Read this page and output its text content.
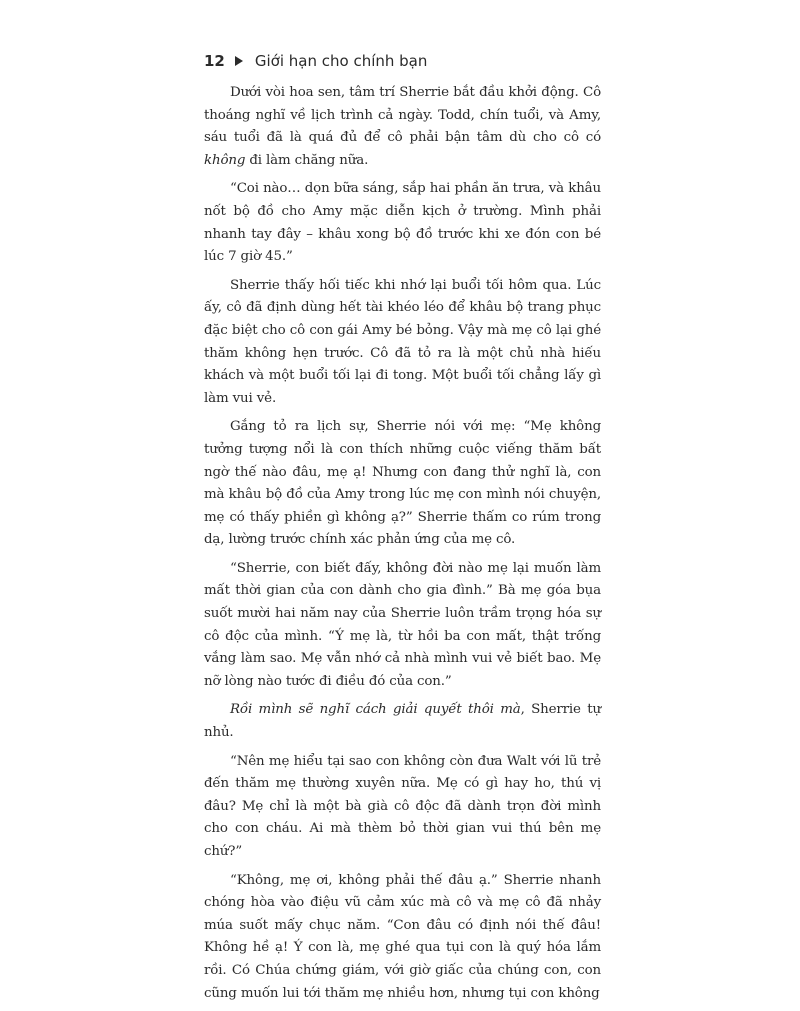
12 Giới hạn cho chính bạn

Dưới vòi hoa sen, tâm trí Sherrie bắt đầu khởi động. Cô thoáng nghĩ về lịch trình cả ngày. Todd, chín tuổi, và Amy, sáu tuổi đã là quá đủ để cô phải bận tâm dù cho cô có không đi làm chăng nữa.

“Coi nào… dọn bữa sáng, sắp hai phần ăn trưa, và khâu nốt bộ đồ cho Amy mặc diễn kịch ở trường. Mình phải nhanh tay đây – khâu xong bộ đồ trước khi xe đón con bé lúc 7 giờ 45.”

Sherrie thấy hối tiếc khi nhớ lại buổi tối hôm qua. Lúc ấy, cô đã định dùng hết tài khéo léo để khâu bộ trang phục đặc biệt cho cô con gái Amy bé bỏng. Vậy mà mẹ cô lại ghé thăm không hẹn trước. Cô đã tỏ ra là một chủ nhà hiếu khách và một buổi tối lại đi tong. Một buổi tối chẳng lấy gì làm vui vẻ.

Gắng tỏ ra lịch sự, Sherrie nói với mẹ: “Mẹ không tưởng tượng nổi là con thích những cuộc viếng thăm bất ngờ thế nào đâu, mẹ ạ! Nhưng con đang thử nghĩ là, con mà khâu bộ đồ của Amy trong lúc mẹ con mình nói chuyện, mẹ có thấy phiền gì không ạ?” Sherrie thấm co rúm trong dạ, lường trước chính xác phản ứng của mẹ cô.

“Sherrie, con biết đấy, không đời nào mẹ lại muốn làm mất thời gian của con dành cho gia đình.” Bà mẹ góa bụa suốt mười hai năm nay của Sherrie luôn trầm trọng hóa sự cô độc của mình. “Ý mẹ là, từ hồi ba con mất, thật trống vắng làm sao. Mẹ vẫn nhớ cả nhà mình vui vẻ biết bao. Mẹ nỡ lòng nào tước đi điều đó của con.”

Rồi mình sẽ nghĩ cách giải quyết thôi mà, Sherrie tự nhủ.

“Nên mẹ hiểu tại sao con không còn đưa Walt với lũ trẻ đến thăm mẹ thường xuyên nữa. Mẹ có gì hay ho, thú vị đâu? Mẹ chỉ là một bà già cô độc đã dành trọn đời mình cho con cháu. Ai mà thèm bỏ thời gian vui thú bên mẹ chứ?”

“Không, mẹ ơi, không phải thế đâu ạ.” Sherrie nhanh chóng hòa vào điệu vũ cảm xúc mà cô và mẹ cô đã nhảy múa suốt mấy chục năm. “Con đâu có định nói thế đâu! Không hề ạ! Ý con là, mẹ ghé qua tụi con là quý hóa lắm rồi. Có Chúa chứng giám, với giờ giấc của chúng con, con cũng muốn lui tới thăm mẹ nhiều hơn, nhưng tụi con không
